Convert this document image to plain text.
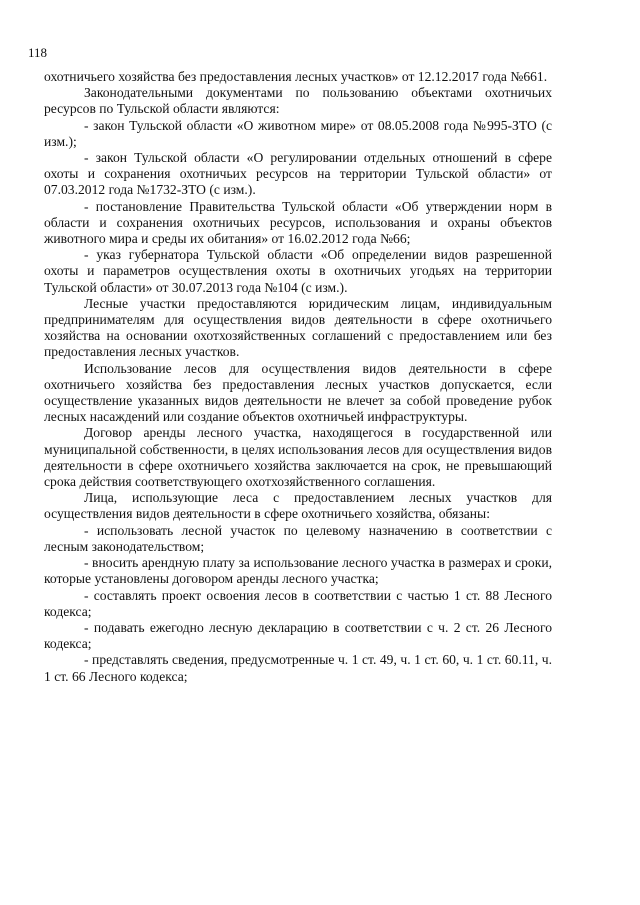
118

охотничьего хозяйства без предоставления лесных участков» от 12.12.2017 года №661.

Законодательными документами по пользованию объектами охотничьих ресурсов по Тульской области являются:

- закон Тульской области «О животном мире» от 08.05.2008 года №995-ЗТО (с изм.);

- закон Тульской области «О регулировании отдельных отношений в сфере охоты и сохранения охотничьих ресурсов на территории Тульской области» от 07.03.2012 года №1732-ЗТО (с изм.).

- постановление Правительства Тульской области «Об утверждении норм в области и сохранения охотничьих ресурсов, использования и охраны объектов животного мира и среды их обитания» от 16.02.2012 года №66;

- указ губернатора Тульской области «Об определении видов разрешенной охоты и параметров осуществления охоты в охотничьих угодьях на территории Тульской области» от 30.07.2013 года №104 (с изм.).

Лесные участки предоставляются юридическим лицам, индивидуальным предпринимателям для осуществления видов деятельности в сфере охотничьего хозяйства на основании охотхозяйственных соглашений с предоставлением или без предоставления лесных участков.

Использование лесов для осуществления видов деятельности в сфере охотничьего хозяйства без предоставления лесных участков допускается, если осуществление указанных видов деятельности не влечет за собой проведение рубок лесных насаждений или создание объектов охотничьей инфраструктуры.

Договор аренды лесного участка, находящегося в государственной или муниципальной собственности, в целях использования лесов для осуществления видов деятельности в сфере охотничьего хозяйства заключается на срок, не превышающий срока действия соответствующего охотхозяйственного соглашения.

Лица, использующие леса с предоставлением лесных участков для осуществления видов деятельности в сфере охотничьего хозяйства, обязаны:

- использовать лесной участок по целевому назначению в соответствии с лесным законодательством;

- вносить арендную плату за использование лесного участка в размерах и сроки, которые установлены договором аренды лесного участка;

- составлять проект освоения лесов в соответствии с частью 1 ст. 88 Лесного кодекса;

- подавать ежегодно лесную декларацию в соответствии с ч. 2 ст. 26 Лесного кодекса;

- представлять сведения, предусмотренные ч. 1 ст. 49, ч. 1 ст. 60, ч. 1 ст. 60.11, ч. 1 ст. 66 Лесного кодекса;
